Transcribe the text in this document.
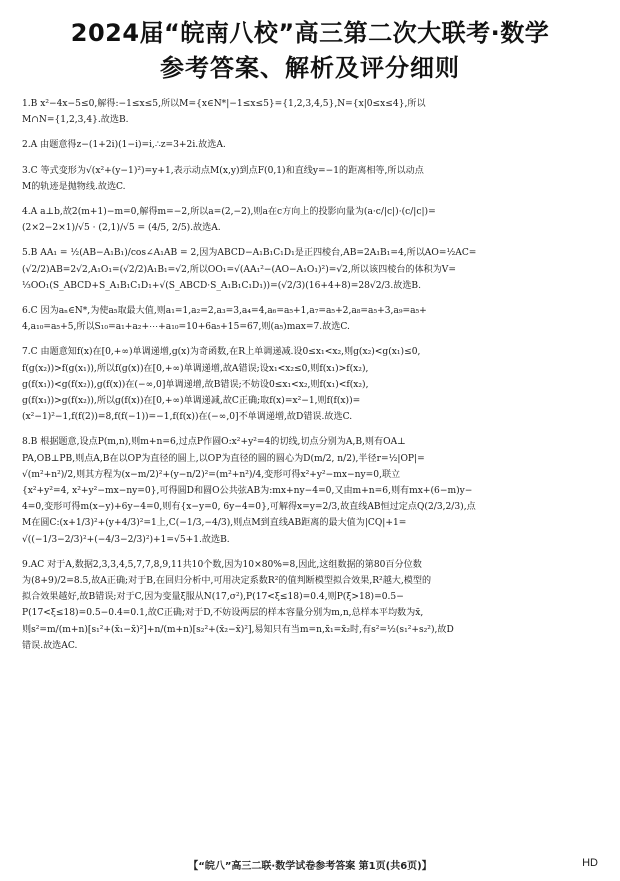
2024届“皖南八校”高三第二次大联考·数学
参考答案、解析及评分细则
1.B x²−4x−5≤0,解得:−1≤x≤5,所以M={x∈N*|−1≤x≤5}={1,2,3,4,5},N={x|0≤x≤4},所以
M∩N={1,2,3,4}.故选B.
2.A 由题意得z−(1+2i)(1−i)=i,∴z=3+2i.故选A.
3.C 等式变形为√(x²+(y−1)²)=y+1,表示动点M(x,y)到点F(0,1)和直线y=−1的距离相等,所以动点
M的轨迹是抛物线.故选C.
4.A a⊥b,故2(m+1)−m=0,解得m=−2,所以a=(2,−2),则a在c方向上的投影向量为(a·c/|c|)·(c/|c|)=
(2×2−2×1)/√5 · (2,1)/√5 = (4/5, 2/5).故选A.
5.B AA₁ = ½(AB−A₁B₁)/cos∠A₁AB = 2,因为ABCD−A₁B₁C₁D₁是正四棱台,AB=2A₁B₁=4,所以AO=½AC=
(√2/2)AB=2√2,A₁O₁=(√2/2)A₁B₁=√2,所以OO₁=√(AA₁²−(AO−A₁O₁)²)=√2,所以该四棱台的体积为V=
⅓OO₁(S_ABCD+S_A₁B₁C₁D₁+√(S_ABCD·S_A₁B₁C₁D₁))=(√2/3)(16+4+8)=28√2/3.故选B.
6.C 因为aₙ∈N*,为使a₅取最大值,则a₁=1,a₂=2,a₃=3,a₄=4,a₆=a₅+1,a₇=a₅+2,a₈=a₅+3,a₉=a₅+
4,a₁₀=a₅+5,所以S₁₀=a₁+a₂+⋯+a₁₀=10+6a₅+15=67,则(a₅)max=7.故选C.
7.C 由题意知f(x)在[0,+∞)单调递增,g(x)为奇函数,在R上单调递减.设0≤x₁<x₂,则g(x₂)<g(x₁)≤0,
f(g(x₂))>f(g(x₁)),所以f(g(x))在[0,+∞)单调递增,故A错误;设x₁<x₂≤0,则f(x₁)>f(x₂),
g(f(x₁))<g(f(x₂)),g(f(x))在(−∞,0]单调递增,故B错误;不妨设0≤x₁<x₂,则f(x₁)<f(x₂),
g(f(x₁))>g(f(x₂)),所以g(f(x))在[0,+∞)单调递减,故C正确;取f(x)=x²−1,则f(f(x))=
(x²−1)²−1,f(f(2))=8,f(f(−1))=−1,f(f(x))在(−∞,0]不单调递增,故D错误.故选C.
8.B 根据题意,设点P(m,n),则m+n=6,过点P作圆O:x²+y²=4的切线,切点分别为A,B,则有OA⊥
PA,OB⊥PB,则点A,B在以OP为直径的圆上,以OP为直径的圆的圆心为D(m/2, n/2),半径r=½|OP|=
√(m²+n²)/2,则其方程为(x−m/2)²+(y−n/2)²=(m²+n²)/4,变形可得x²+y²−mx−ny=0,联立
{x²+y²=4, x²+y²−mx−ny=0},可得圆D和圆O公共弦AB为:mx+ny−4=0,又由m+n=6,则有mx+(6−m)y−
4=0,变形可得m(x−y)+6y−4=0,则有{x−y=0, 6y−4=0},可解得x=y=2/3,故直线AB恒过定点Q(2/3,2/3),点
M在圆C:(x+1/3)²+(y+4/3)²=1上,C(−1/3,−4/3),则点M到直线AB距离的最大值为|CQ|+1=
√((−1/3−2/3)²+(−4/3−2/3)²)+1=√5+1.故选B.
9.AC 对于A,数据2,3,3,4,5,7,7,8,9,11共10个数,因为10×80%=8,因此,这组数据的第80百分位数
为(8+9)/2=8.5,故A正确;对于B,在回归分析中,可用决定系数R²的值判断模型拟合效果,R²越大,模型的
拟合效果越好,故B错误;对于C,因为变量ξ服从N(17,σ²),P(17<ξ≤18)=0.4,则P(ξ>18)=0.5−
P(17<ξ≤18)=0.5−0.4=0.1,故C正确;对于D,不妨设两层的样本容量分别为m,n,总样本平均数为x̄,
则s²=m/(m+n)[s₁²+(x̄₁−x̄)²]+n/(m+n)[s₂²+(x̄₂−x̄)²],易知只有当m=n,x̄₁=x̄₂时,有s²=½(s₁²+s₂²),故D
错误.故选AC.
【“皖八”高三二联·数学试卷参考答案 第1页(共6页)】	HD
